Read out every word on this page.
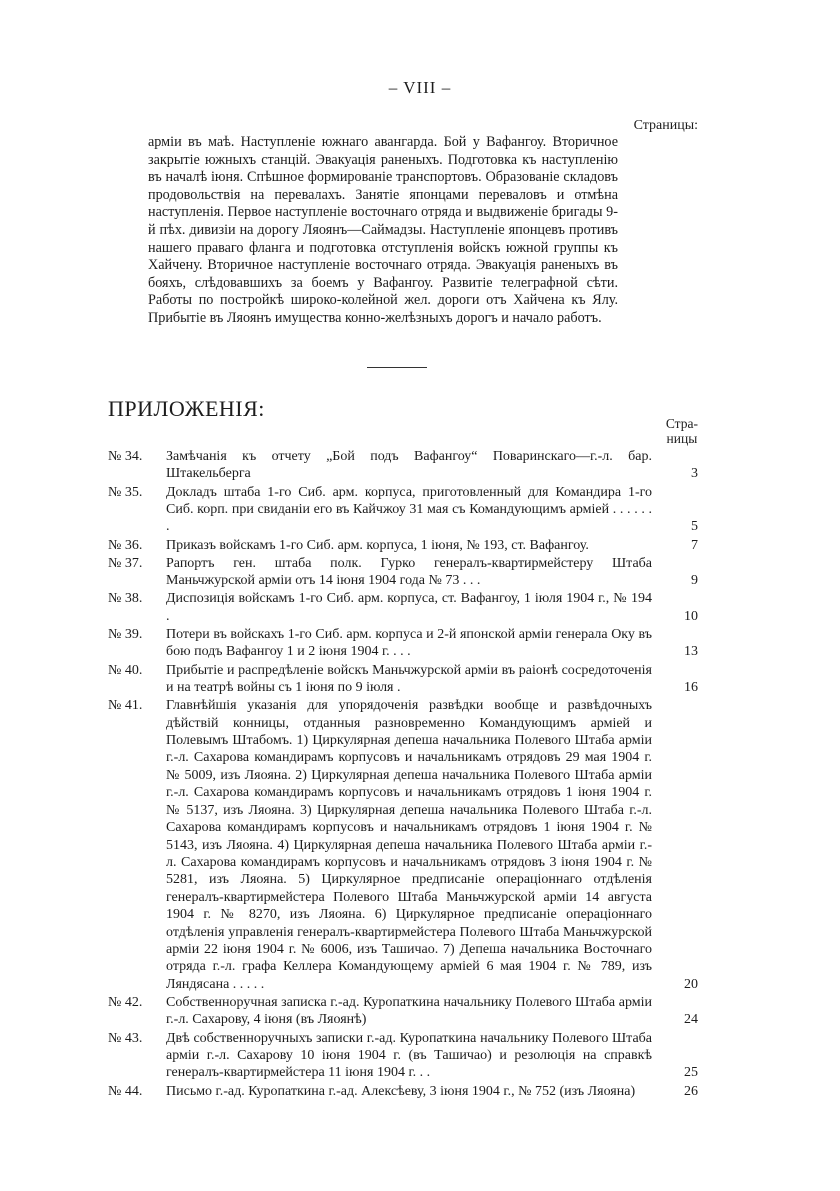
– VIII –
Страницы:
арміи въ маѣ. Наступленіе южнаго авангарда. Бой у Вафангоу. Вторичное закрытіе южныхъ станцій. Эвакуація раненыхъ. Подготовка къ наступленію въ началѣ іюня. Спѣшное формированіе транспортовъ. Образованіе складовъ продовольствія на перевалахъ. Занятіе японцами переваловъ и отмѣна наступленія. Первое наступленіе восточнаго отряда и выдвиженіе бригады 9-й пѣх. дивизіи на дорогу Ляоянъ—Саймадзы. Наступленіе японцевъ противъ нашего праваго фланга и подготовка отступленія войскъ южной группы къ Хайчену. Вторичное наступленіе восточнаго отряда. Эвакуація раненыхъ въ бояхъ, слѣдовавшихъ за боемъ у Вафангоу. Развитіе телеграфной сѣти. Работы по постройкѣ широко-колейной жел. дороги отъ Хайчена къ Ялу. Прибытіе въ Ляоянъ имущества конно-желѣзныхъ дорогъ и начало работъ.
ПРИЛОЖЕНІЯ:
Стра-
ницы
№ 34.	Замѣчанія къ отчету „Бой подъ Вафангоу“ Поваринскаго—г.-л. бар. Штакельберга	3
№ 35.	Докладъ штаба 1-го Сиб. арм. корпуса, приготовленный для Командира 1-го Сиб. корп. при свиданіи его въ Кайчжоу 31 мая съ Командующимъ арміей . . . . . . .	5
№ 36.	Приказъ войскамъ 1-го Сиб. арм. корпуса, 1 іюня, № 193, ст. Вафангоу.	7
№ 37.	Рапортъ ген. штаба полк. Гурко генералъ-квартирмейстеру Штаба Маньчжурской арміи отъ 14 іюня 1904 года № 73 . . .	9
№ 38.	Диспозиція войскамъ 1-го Сиб. арм. корпуса, ст. Вафангоу, 1 іюля 1904 г., № 194 .	10
№ 39.	Потери въ войскахъ 1-го Сиб. арм. корпуса и 2-й японской арміи генерала Оку въ бою подъ Вафангоу 1 и 2 іюня 1904 г. . . .	13
№ 40.	Прибытіе и распредѣленіе войскъ Маньчжурской арміи въ раіонѣ сосредоточенія и на театрѣ войны съ 1 іюня по 9 іюля .	16
№ 41.	Главнѣйшія указанія для упорядоченія развѣдки вообще и развѣдочныхъ дѣйствій конницы, отданныя разновременно Командующимъ арміей и Полевымъ Штабомъ. 1) Циркулярная депеша начальника Полевого Штаба арміи г.-л. Сахарова командирамъ корпусовъ и начальникамъ отрядовъ 29 мая 1904 г. № 5009, изъ Ляояна. 2) Циркулярная депеша начальника Полевого Штаба арміи г.-л. Сахарова командирамъ корпусовъ и начальникамъ отрядовъ 1 іюня 1904 г. № 5137, изъ Ляояна. 3) Циркулярная депеша начальника Полевого Штаба г.-л. Сахарова командирамъ корпусовъ и начальникамъ отрядовъ 1 іюня 1904 г. № 5143, изъ Ляояна. 4) Циркулярная депеша начальника Полевого Штаба арміи г.-л. Сахарова командирамъ корпусовъ и начальникамъ отрядовъ 3 іюня 1904 г. № 5281, изъ Ляояна. 5) Циркулярное предписаніе операціоннаго отдѣленія генералъ-квартирмейстера Полевого Штаба Маньчжурской арміи 14 августа 1904 г. № 8270, изъ Ляояна. 6) Циркулярное предписаніе операціоннаго отдѣленія управленія генералъ-квартирмейстера Полевого Штаба Маньчжурской арміи 22 іюня 1904 г. № 6006, изъ Ташичао. 7) Депеша начальника Восточнаго отряда г.-л. графа Келлера Командующему арміей 6 мая 1904 г. № 789, изъ Ляндясана . . . . .	20
№ 42.	Собственноручная записка г.-ад. Куропаткина начальнику Полевого Штаба арміи г.-л. Сахарову, 4 іюня (въ Ляоянѣ)	24
№ 43.	Двѣ собственноручныхъ записки г.-ад. Куропаткина начальнику Полевого Штаба арміи г.-л. Сахарову 10 іюня 1904 г. (въ Ташичао) и резолюція на справкѣ генералъ-квартирмейстера 11 іюня 1904 г. . .	25
№ 44.	Письмо г.-ад. Куропаткина г.-ад. Алексѣеву, 3 іюня 1904 г., № 752 (изъ Ляояна)	26
